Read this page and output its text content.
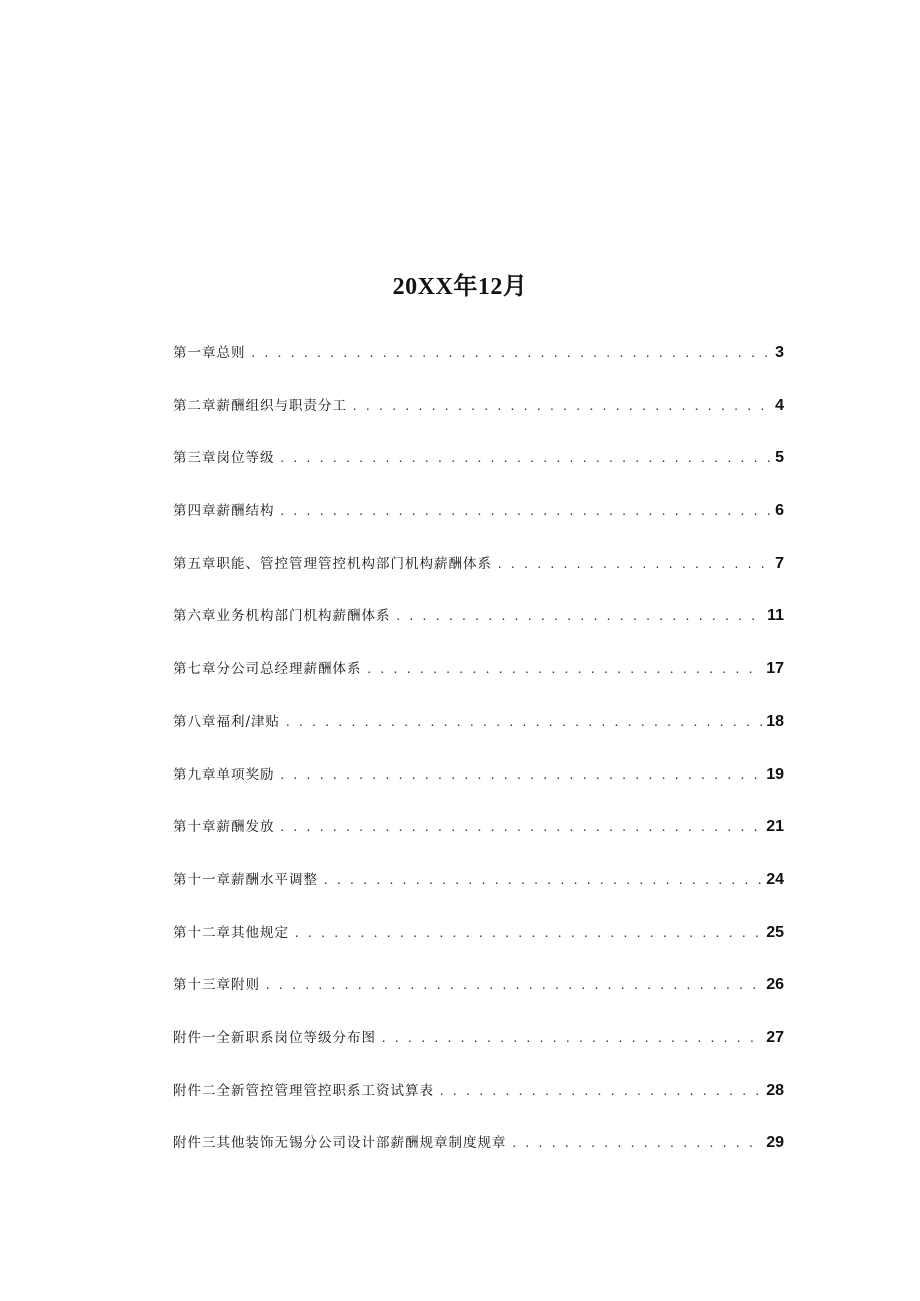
20XX年12月
第一章总则 . . .	3
第二章薪酬组织与职责分工 . . .	4
第三章岗位等级 . . .	5
第四章薪酬结构 . . .	6
第五章职能、管控管理管控机构部门机构薪酬体系 . . .	7
第六章业务机构部门机构薪酬体系 . . .	11
第七章分公司总经理薪酬体系 . . .	17
第八章福利/津贴 . . .	18
第九章单项奖励 . . .	19
第十章薪酬发放 . . .	21
第十一章薪酬水平调整 . . .	24
第十二章其他规定 . . .	25
第十三章附则 . . .	26
附件一全新职系岗位等级分布图 . . .	27
附件二全新管控管理管控职系工资试算表 . . .	28
附件三其他装饰无锡分公司设计部薪酬规章制度规章 . . .	29
